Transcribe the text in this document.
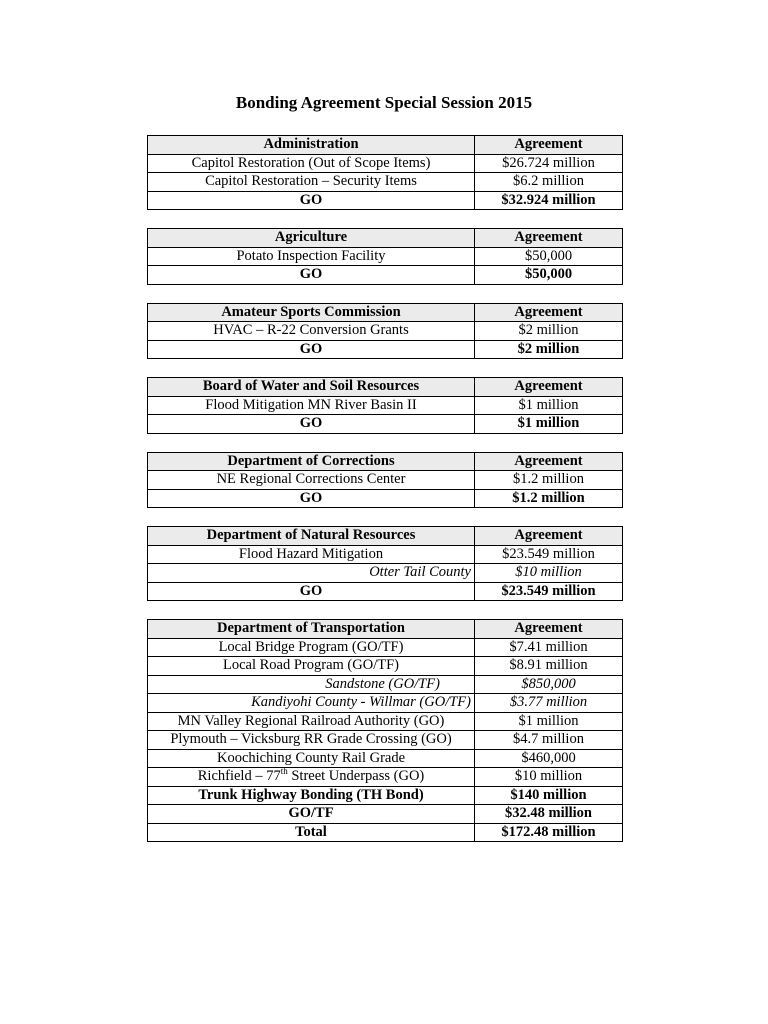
Bonding Agreement Special Session 2015
Administration	Agreement
Capitol Restoration (Out of Scope Items)	$26.724 million
Capitol Restoration – Security Items	$6.2 million
GO	$32.924 million
Agriculture	Agreement
Potato Inspection Facility	$50,000
GO	$50,000
Amateur Sports Commission	Agreement
HVAC – R-22 Conversion Grants	$2 million
GO	$2 million
Board of Water and Soil Resources	Agreement
Flood Mitigation MN River Basin II	$1 million
GO	$1 million
Department of Corrections	Agreement
NE Regional Corrections Center	$1.2 million
GO	$1.2 million
Department of Natural Resources	Agreement
Flood Hazard Mitigation	$23.549 million
Otter Tail County	$10 million
GO	$23.549 million
Department of Transportation	Agreement
Local Bridge Program (GO/TF)	$7.41 million
Local Road Program (GO/TF)	$8.91 million
Sandstone (GO/TF)	$850,000
Kandiyohi County - Willmar (GO/TF)	$3.77 million
MN Valley Regional Railroad Authority (GO)	$1 million
Plymouth – Vicksburg RR Grade Crossing (GO)	$4.7 million
Koochiching County Rail Grade	$460,000
Richfield – 77th Street Underpass (GO)	$10 million
Trunk Highway Bonding (TH Bond)	$140 million
GO/TF	$32.48 million
Total	$172.48 million
